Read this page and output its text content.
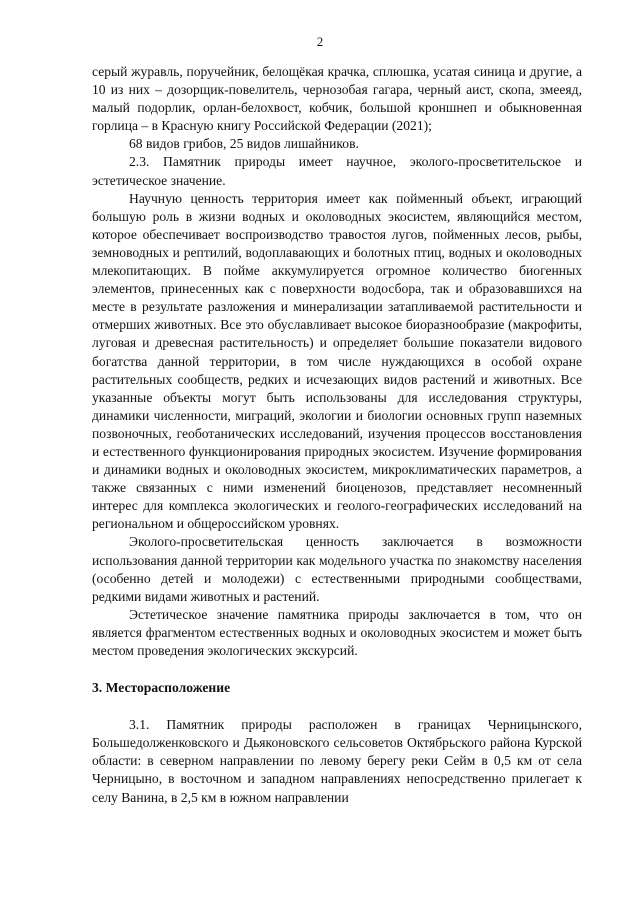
2

серый журавль, поручейник, белощёкая крачка, сплюшка, усатая синица и другие, а 10 из них – дозорщик-повелитель, чернозобая гагара, черный аист, скопа, змееяд, малый подорлик, орлан-белохвост, кобчик, большой кроншнеп и обыкновенная горлица – в Красную книгу Российской Федерации (2021);

68 видов грибов, 25 видов лишайников.

2.3. Памятник природы имеет научное, эколого-просветительское и эстетическое значение.

Научную ценность территория имеет как пойменный объект, играющий большую роль в жизни водных и околоводных экосистем, являющийся местом, которое обеспечивает воспроизводство травостоя лугов, пойменных лесов, рыбы, земноводных и рептилий, водоплавающих и болотных птиц, водных и околоводных млекопитающих. В пойме аккумулируется огромное количество биогенных элементов, принесенных как с поверхности водосбора, так и образовавшихся на месте в результате разложения и минерализации затапливаемой растительности и отмерших животных. Все это обуславливает высокое биоразнообразие (макрофиты, луговая и древесная растительность) и определяет большие показатели видового богатства данной территории, в том числе нуждающихся в особой охране растительных сообществ, редких и исчезающих видов растений и животных. Все указанные объекты могут быть использованы для исследования структуры, динамики численности, миграций, экологии и биологии основных групп наземных позвоночных, геоботанических исследований, изучения процессов восстановления и естественного функционирования природных экосистем. Изучение формирования и динамики водных и околоводных экосистем, микроклиматических параметров, а также связанных с ними изменений биоценозов, представляет несомненный интерес для комплекса экологических и геолого-географических исследований на региональном и общероссийском уровнях.

Эколого-просветительская ценность заключается в возможности использования данной территории как модельного участка по знакомству населения (особенно детей и молодежи) с естественными природными сообществами, редкими видами животных и растений.

Эстетическое значение памятника природы заключается в том, что он является фрагментом естественных водных и околоводных экосистем и может быть местом проведения экологических экскурсий.

3. Месторасположение

3.1. Памятник природы расположен в границах Черницынского, Большедолженковского и Дьяконовского сельсоветов Октябрьского района Курской области: в северном направлении по левому берегу реки Сейм в 0,5 км от села Черницыно, в восточном и западном направлениях непосредственно прилегает к селу Ванина, в 2,5 км в южном направлении
